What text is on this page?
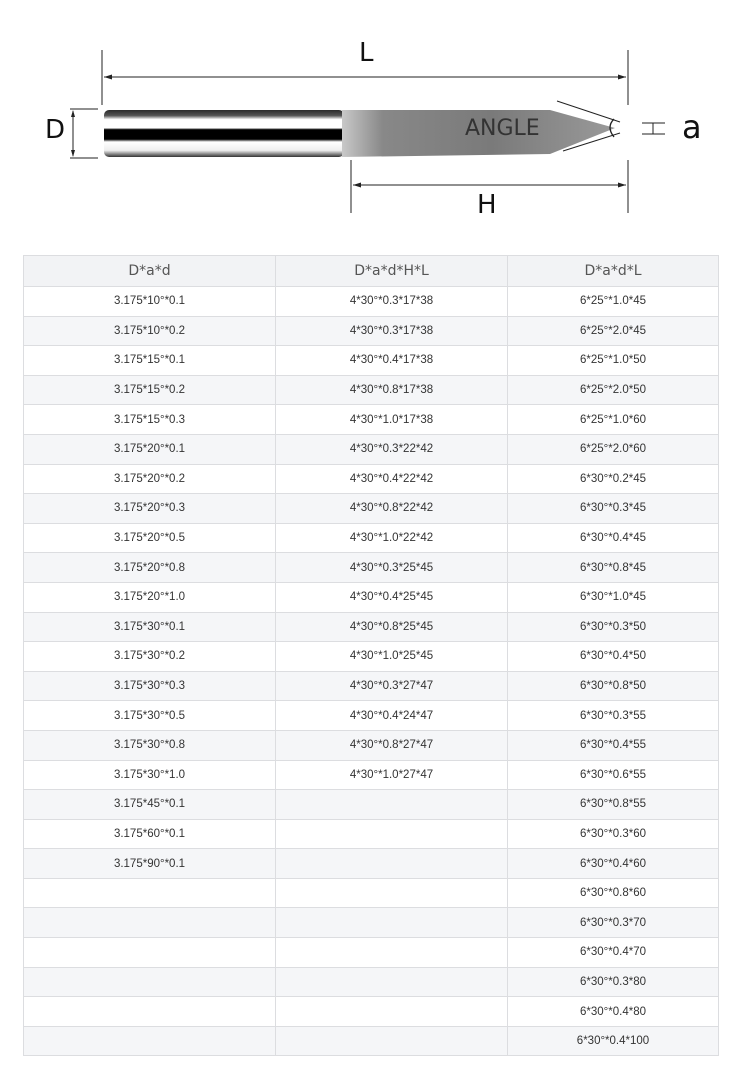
L
D	ANGLE	a
H
D*a*d	D*a*d*H*L	D*a*d*L
3.175*10°*0.1	4*30°*0.3*17*38	6*25°*1.0*45
3.175*10°*0.2	4*30°*0.3*17*38	6*25°*2.0*45
3.175*15°*0.1	4*30°*0.4*17*38	6*25°*1.0*50
3.175*15°*0.2	4*30°*0.8*17*38	6*25°*2.0*50
3.175*15°*0.3	4*30°*1.0*17*38	6*25°*1.0*60
3.175*20°*0.1	4*30°*0.3*22*42	6*25°*2.0*60
3.175*20°*0.2	4*30°*0.4*22*42	6*30°*0.2*45
3.175*20°*0.3	4*30°*0.8*22*42	6*30°*0.3*45
3.175*20°*0.5	4*30°*1.0*22*42	6*30°*0.4*45
3.175*20°*0.8	4*30°*0.3*25*45	6*30°*0.8*45
3.175*20°*1.0	4*30°*0.4*25*45	6*30°*1.0*45
3.175*30°*0.1	4*30°*0.8*25*45	6*30°*0.3*50
3.175*30°*0.2	4*30°*1.0*25*45	6*30°*0.4*50
3.175*30°*0.3	4*30°*0.3*27*47	6*30°*0.8*50
3.175*30°*0.5	4*30°*0.4*24*47	6*30°*0.3*55
3.175*30°*0.8	4*30°*0.8*27*47	6*30°*0.4*55
3.175*30°*1.0	4*30°*1.0*27*47	6*30°*0.6*55
3.175*45°*0.1		6*30°*0.8*55
3.175*60°*0.1		6*30°*0.3*60
3.175*90°*0.1		6*30°*0.4*60
		6*30°*0.8*60
		6*30°*0.3*70
		6*30°*0.4*70
		6*30°*0.3*80
		6*30°*0.4*80
		6*30°*0.4*100
